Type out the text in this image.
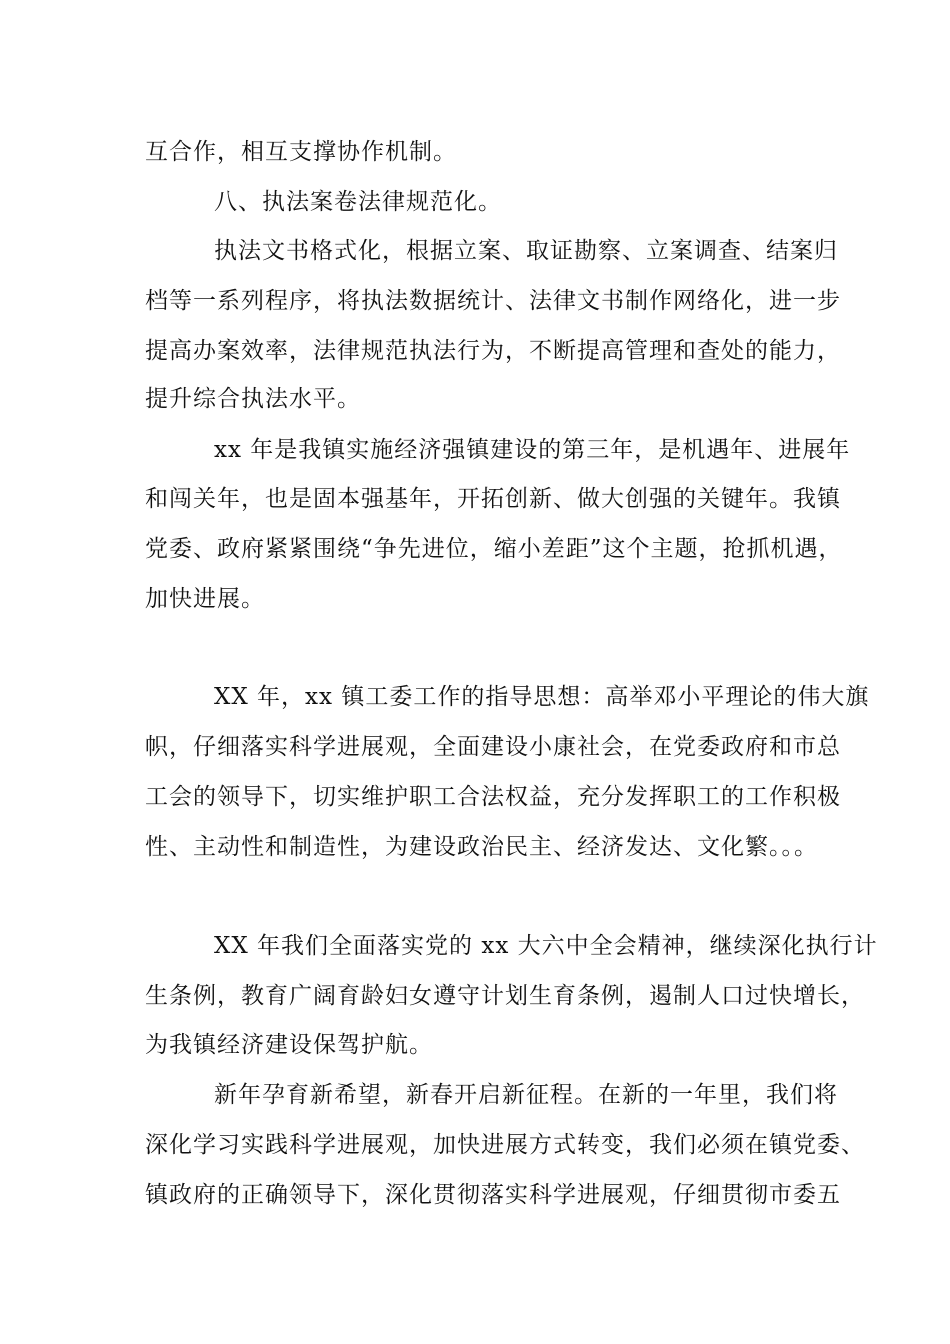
互合作，相互支撑协作机制。
八、执法案卷法律规范化。
执法文书格式化，根据立案、取证勘察、立案调查、结案归
档等一系列程序，将执法数据统计、法律文书制作网络化，进一步
提高办案效率，法律规范执法行为，不断提高管理和查处的能力，
提升综合执法水平。
xx 年是我镇实施经济强镇建设的第三年，是机遇年、进展年
和闯关年，也是固本强基年，开拓创新、做大创强的关键年。我镇
党委、政府紧紧围绕“争先进位，缩小差距”这个主题，抢抓机遇，
加快进展。
XX 年，xx 镇工委工作的指导思想：高举邓小平理论的伟大旗
帜，仔细落实科学进展观，全面建设小康社会，在党委政府和市总
工会的领导下，切实维护职工合法权益，充分发挥职工的工作积极
性、主动性和制造性，为建设政治民主、经济发达、文化繁。。。
XX 年我们全面落实党的 xx 大六中全会精神，继续深化执行计
生条例，教育广阔育龄妇女遵守计划生育条例，遏制人口过快增长，
为我镇经济建设保驾护航。
新年孕育新希望，新春开启新征程。在新的一年里，我们将
深化学习实践科学进展观，加快进展方式转变，我们必须在镇党委、
镇政府的正确领导下，深化贯彻落实科学进展观，仔细贯彻市委五
